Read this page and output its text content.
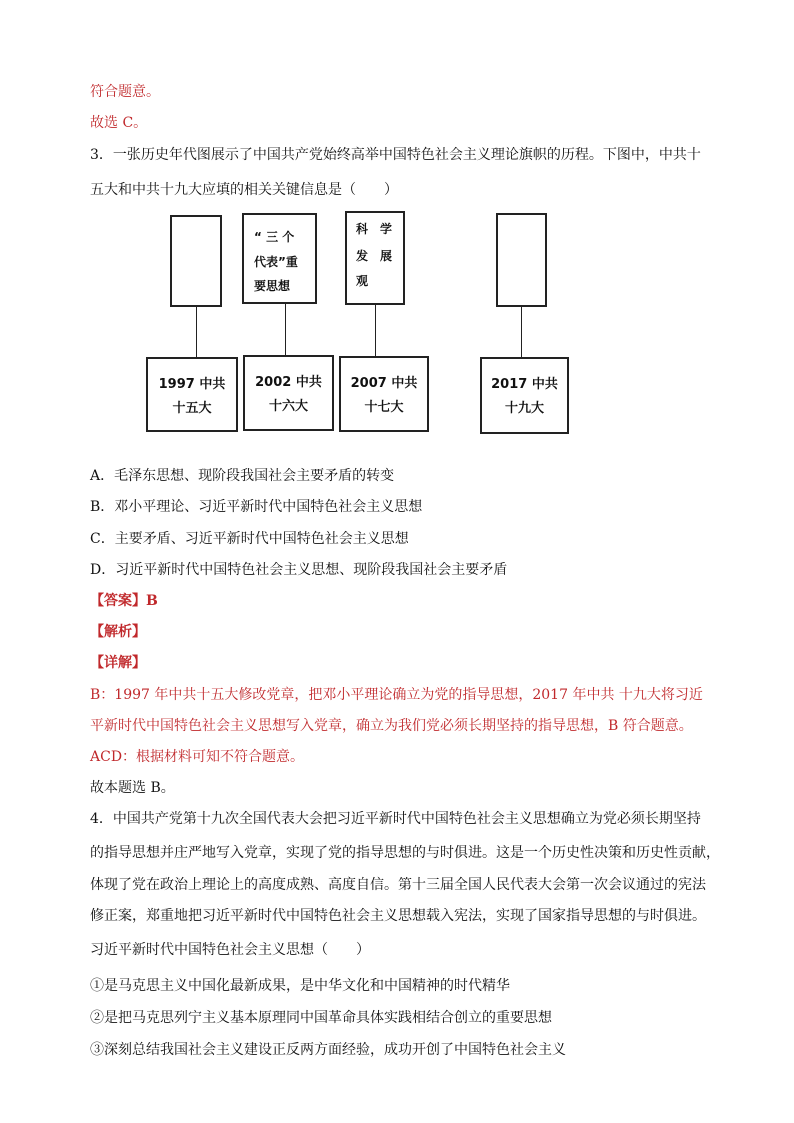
符合题意。
故选 C。
3．一张历史年代图展示了中国共产党始终高举中国特色社会主义理论旗帜的历程。下图中，中共十
五大和中共十九大应填的相关关键信息是（　　）
“ 三 个
代表”重
要思想
科　学
发　展
观
1997 中共
十五大
2002 中共
十六大
2007 中共
十七大
2017 中共
十九大
A．毛泽东思想、现阶段我国社会主要矛盾的转变
B．邓小平理论、习近平新时代中国特色社会主义思想
C．主要矛盾、习近平新时代中国特色社会主义思想
D．习近平新时代中国特色社会主义思想、现阶段我国社会主要矛盾
【答案】B
【解析】
【详解】
B：1997 年中共十五大修改党章，把邓小平理论确立为党的指导思想，2017 年中共 十九大将习近
平新时代中国特色社会主义思想写入党章，确立为我们党必须长期坚持的指导思想，B 符合题意。
ACD：根据材料可知不符合题意。
故本题选 B。
4．中国共产党第十九次全国代表大会把习近平新时代中国特色社会主义思想确立为党必须长期坚持
的指导思想并庄严地写入党章，实现了党的指导思想的与时俱进。这是一个历史性决策和历史性贡献，
体现了党在政治上理论上的高度成熟、高度自信。第十三届全国人民代表大会第一次会议通过的宪法
修正案，郑重地把习近平新时代中国特色社会主义思想载入宪法，实现了国家指导思想的与时俱进。
习近平新时代中国特色社会主义思想（　　）
①是马克思主义中国化最新成果，是中华文化和中国精神的时代精华
②是把马克思列宁主义基本原理同中国革命具体实践相结合创立的重要思想
③深刻总结我国社会主义建设正反两方面经验，成功开创了中国特色社会主义
